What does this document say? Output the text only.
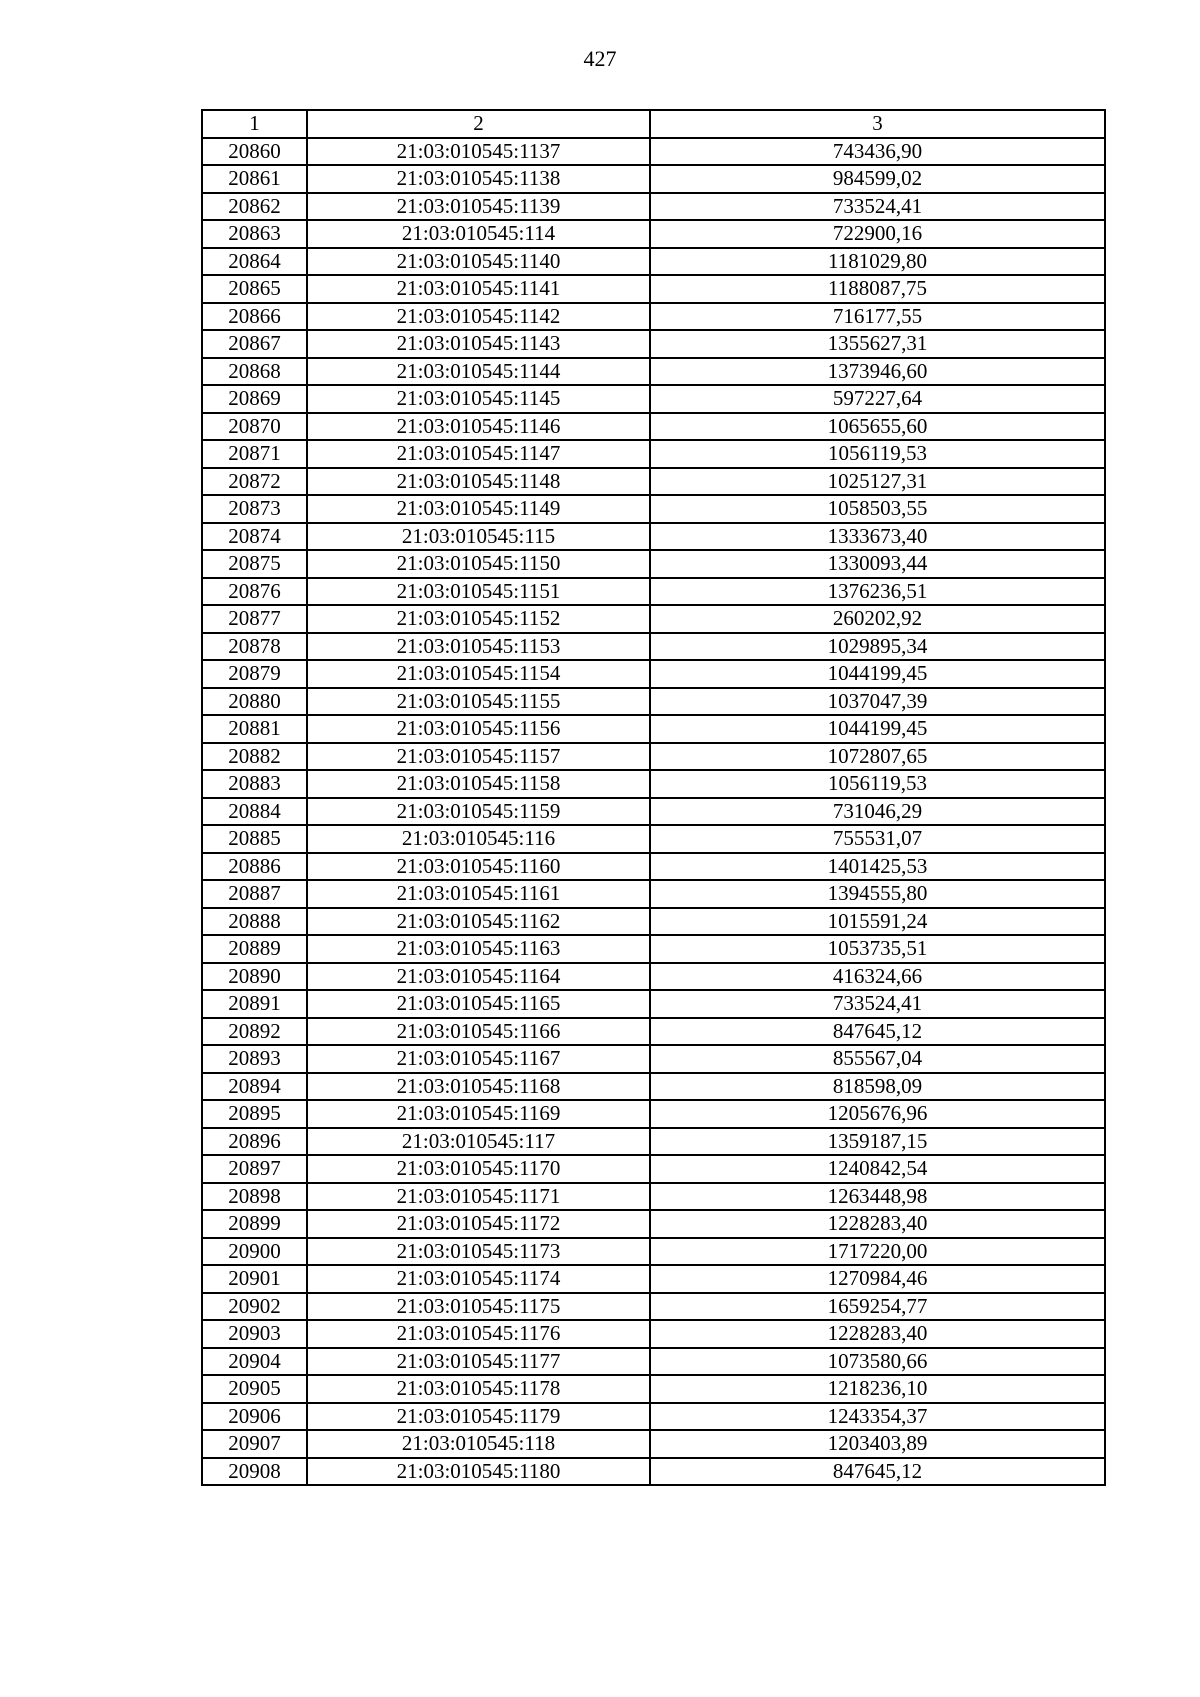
427
1	2	3
20860	21:03:010545:1137	743436,90
20861	21:03:010545:1138	984599,02
20862	21:03:010545:1139	733524,41
20863	21:03:010545:114	722900,16
20864	21:03:010545:1140	1181029,80
20865	21:03:010545:1141	1188087,75
20866	21:03:010545:1142	716177,55
20867	21:03:010545:1143	1355627,31
20868	21:03:010545:1144	1373946,60
20869	21:03:010545:1145	597227,64
20870	21:03:010545:1146	1065655,60
20871	21:03:010545:1147	1056119,53
20872	21:03:010545:1148	1025127,31
20873	21:03:010545:1149	1058503,55
20874	21:03:010545:115	1333673,40
20875	21:03:010545:1150	1330093,44
20876	21:03:010545:1151	1376236,51
20877	21:03:010545:1152	260202,92
20878	21:03:010545:1153	1029895,34
20879	21:03:010545:1154	1044199,45
20880	21:03:010545:1155	1037047,39
20881	21:03:010545:1156	1044199,45
20882	21:03:010545:1157	1072807,65
20883	21:03:010545:1158	1056119,53
20884	21:03:010545:1159	731046,29
20885	21:03:010545:116	755531,07
20886	21:03:010545:1160	1401425,53
20887	21:03:010545:1161	1394555,80
20888	21:03:010545:1162	1015591,24
20889	21:03:010545:1163	1053735,51
20890	21:03:010545:1164	416324,66
20891	21:03:010545:1165	733524,41
20892	21:03:010545:1166	847645,12
20893	21:03:010545:1167	855567,04
20894	21:03:010545:1168	818598,09
20895	21:03:010545:1169	1205676,96
20896	21:03:010545:117	1359187,15
20897	21:03:010545:1170	1240842,54
20898	21:03:010545:1171	1263448,98
20899	21:03:010545:1172	1228283,40
20900	21:03:010545:1173	1717220,00
20901	21:03:010545:1174	1270984,46
20902	21:03:010545:1175	1659254,77
20903	21:03:010545:1176	1228283,40
20904	21:03:010545:1177	1073580,66
20905	21:03:010545:1178	1218236,10
20906	21:03:010545:1179	1243354,37
20907	21:03:010545:118	1203403,89
20908	21:03:010545:1180	847645,12
